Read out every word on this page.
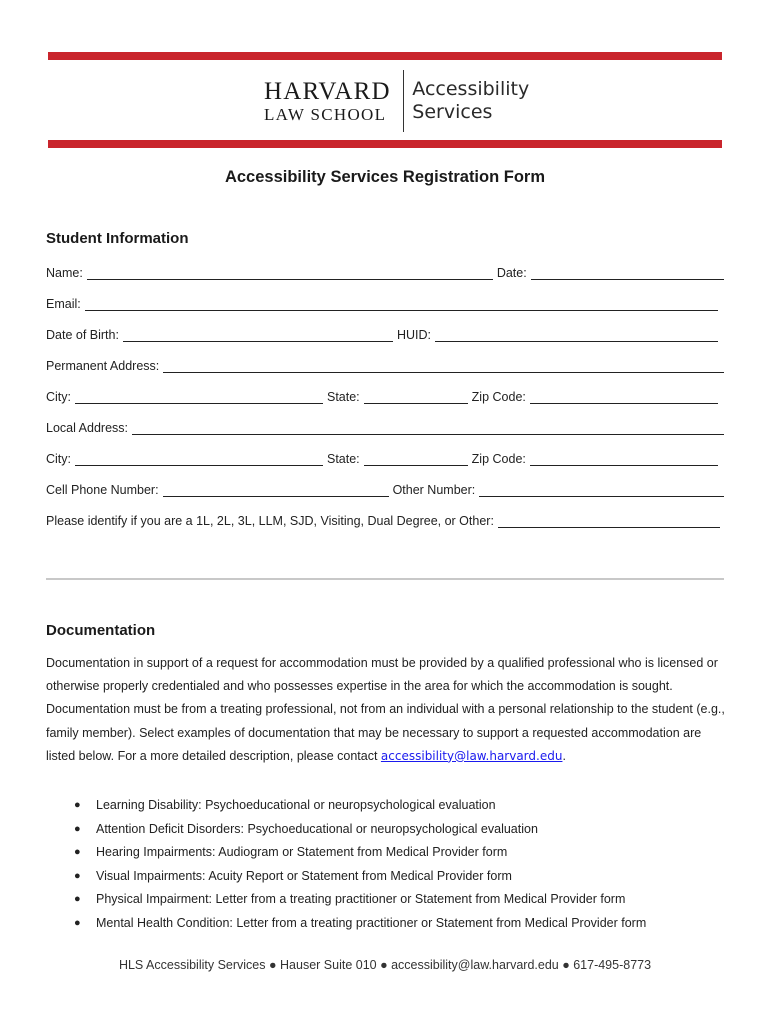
HARVARD
LAW SCHOOL
Accessibility
Services
Accessibility Services Registration Form
Student Information
Name:	Date:
Email:
Date of Birth:	HUID:
Permanent Address:
City:	State:	Zip Code:
Local Address:
City:	State:	Zip Code:
Cell Phone Number:	Other Number:
Please identify if you are a 1L, 2L, 3L, LLM, SJD, Visiting, Dual Degree, or Other:
Documentation
Documentation in support of a request for accommodation must be provided by a qualified professional who is licensed or otherwise properly credentialed and who possesses expertise in the area for which the accommodation is sought. Documentation must be from a treating professional, not from an individual with a personal relationship to the student (e.g., family member). Select examples of documentation that may be necessary to support a requested accommodation are listed below. For a more detailed description, please contact accessibility@law.harvard.edu.
●	Learning Disability: Psychoeducational or neuropsychological evaluation
●	Attention Deficit Disorders: Psychoeducational or neuropsychological evaluation
●	Hearing Impairments: Audiogram or Statement from Medical Provider form
●	Visual Impairments: Acuity Report or Statement from Medical Provider form
●	Physical Impairment: Letter from a treating practitioner or Statement from Medical Provider form
●	Mental Health Condition: Letter from a treating practitioner or Statement from Medical Provider form
HLS Accessibility Services ● Hauser Suite 010 ● accessibility@law.harvard.edu ● 617-495-8773
